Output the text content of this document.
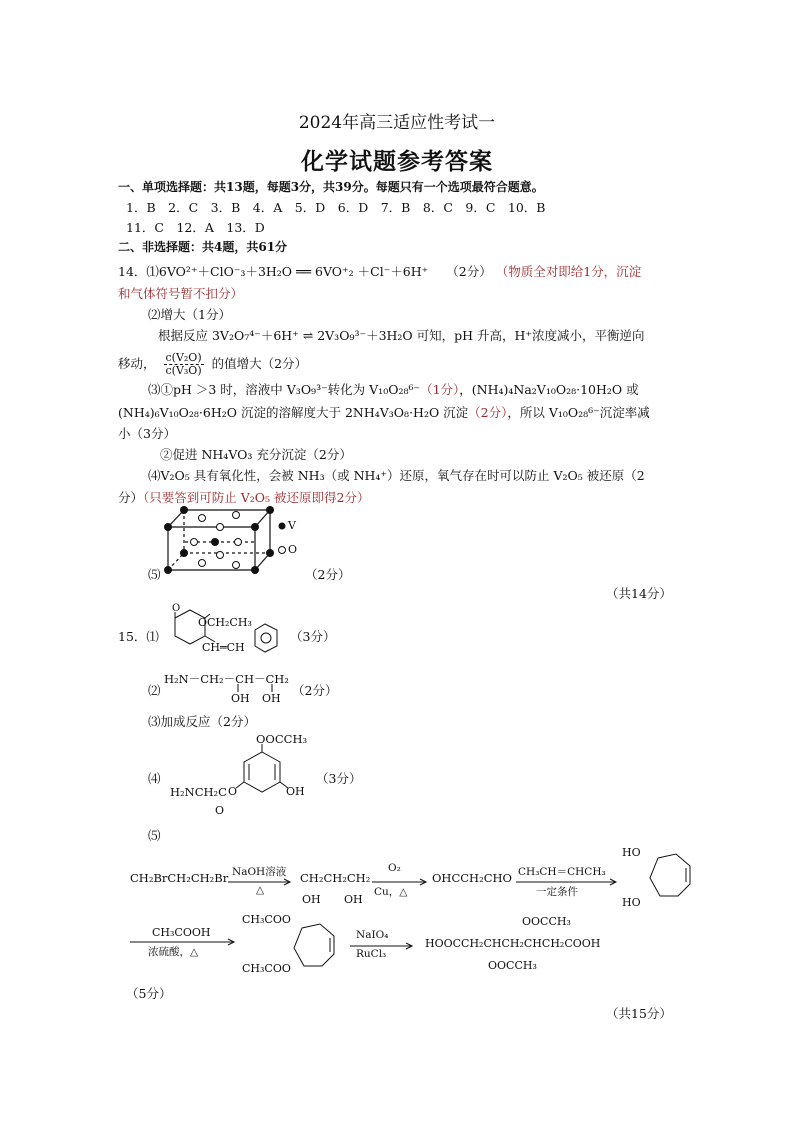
2024年高三适应性考试一
化学试题参考答案
一、单项选择题：共13题，每题3分，共39分。每题只有一个选项最符合题意。
1．B　2．C　3．B　4．A　5．D　6．D　7．B　8．C　9．C　10．B
11．C　12．A　13．D
二、非选择题：共4题，共61分
14．⑴6VO²⁺＋ClO⁻₃＋3H₂O ══ 6VO⁺₂ ＋Cl⁻＋6H⁺ （2分） （物质全对即给1分，沉淀
和气体符号暂不扣分）
⑵增大（1分）
根据反应 3V₂O₇⁴⁻＋6H⁺ ⇌ 2V₃O₉³⁻＋3H₂O 可知，pH 升高，H⁺浓度减小，平衡逆向
移动， $\frac{\text{c(V₂O)}}{\text{c(V₃O)}}$ 的值增大（2分）
⑶①pH ＞3 时，溶液中 V₃O₉³⁻转化为 V₁₀O₂₈⁶⁻（1分），(NH₄)₄Na₂V₁₀O₂₈·10H₂O 或
(NH₄)₆V₁₀O₂₈·6H₂O 沉淀的溶解度大于 2NH₄V₃O₈·H₂O 沉淀（2分），所以 V₁₀O₂₈⁶⁻沉淀率减
小（3分）
②促进 NH₄VO₃ 充分沉淀（2分）
⑷V₂O₅ 具有氧化性，会被 NH₃（或 NH₄⁺）还原，氧气存在时可以防止 V₂O₅ 被还原（2
分）（只要答到可防止 V₂O₅ 被还原即得2分）
⑸
V
O
（2分）
（共14分）
15．⑴
O
OCH₂CH₃
CH═CH
（3分）
⑵
H₂N－CH₂－CH－CH₂
OH OH
（2分）
⑶加成反应（2分）
⑷
OOCCH₃
H₂NCH₂C O
O
OH
（3分）
⑸
CH₂BrCH₂CH₂Br NaOH溶液
△
CH₂CH₂CH₂
OH OH
O₂
Cu，△
OHCCH₂CHO CH₃CH＝CHCH₃
一定条件
HO
HO
CH₃COOH
浓硫酸，△
CH₃COO
CH₃COO
NaIO₄
RuCl₃
OOCCH₃
HOOCCH₂CHCH₂CHCH₂COOH
OOCCH₃
（5分）
（共15分）
